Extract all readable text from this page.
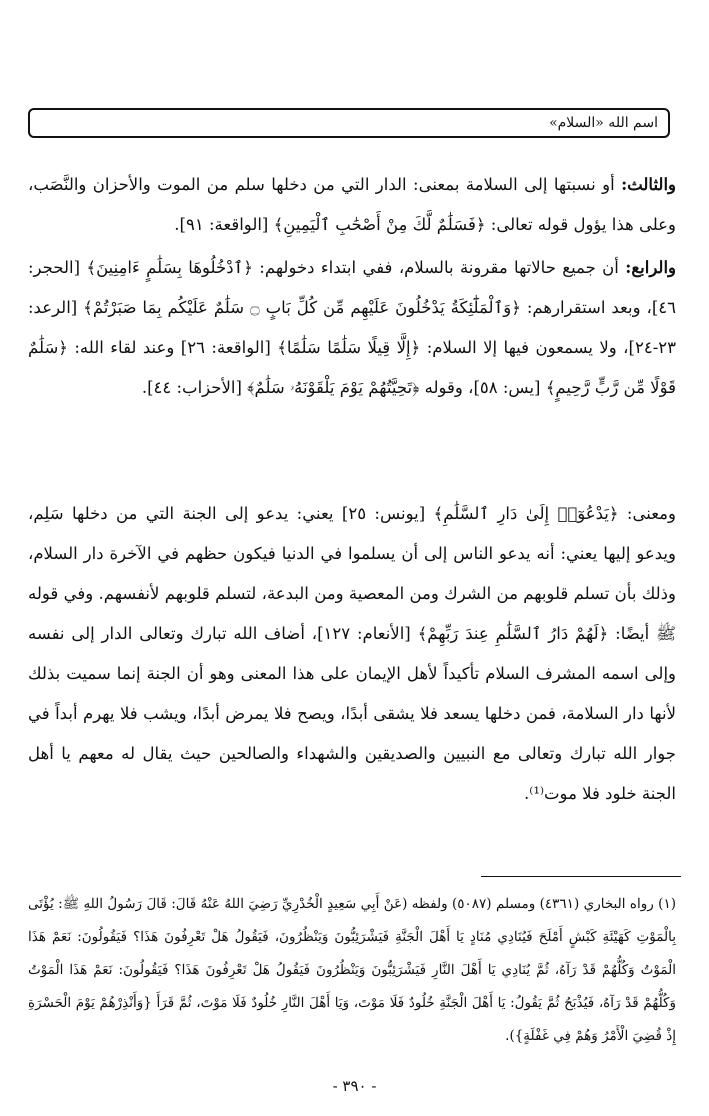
اسم الله «السلام»
والثالث: أو نسبتها إلى السلامة بمعنى: الدار التي من دخلها سلم من الموت والأحزان والنَّصَب، وعلى هذا يؤول قوله تعالى: ﴿فَسَلَٰمٌ لَّكَ مِنْ أَصْحَٰبِ ٱلْيَمِينِ﴾ [الواقعة: ٩١].
والرابع: أن جميع حالاتها مقرونة بالسلام، ففي ابتداء دخولهم: ﴿ٱدْخُلُوهَا بِسَلَٰمٍ ءَامِنِينَ﴾ [الحجر: ٤٦]، وبعد استقرارهم: ﴿وَٱلْمَلَٰٓئِكَةُ يَدْخُلُونَ عَلَيْهِم مِّن كُلِّ بَابٍ ۝ سَلَٰمٌ عَلَيْكُم بِمَا صَبَرْتُمْ﴾ [الرعد: ٢٣-٢٤]، ولا يسمعون فيها إلا السلام: ﴿إِلَّا قِيلًا سَلَٰمًا سَلَٰمًا﴾ [الواقعة: ٢٦] وعند لقاء الله: ﴿سَلَٰمٌ قَوْلًا مِّن رَّبٍّ رَّحِيمٍ﴾ [يس: ٥٨]، وقوله ﴿تَحِيَّتُهُمْ يَوْمَ يَلْقَوْنَهُۥ سَلَٰمٌ﴾ [الأحزاب: ٤٤].
ومعنى: ﴿يَدْعُوٓا۟ إِلَىٰ دَارِ ٱلسَّلَٰمِ﴾ [يونس: ٢٥] يعني: يدعو إلى الجنة التي من دخلها سَلِم، ويدعو إليها يعني: أنه يدعو الناس إلى أن يسلموا في الدنيا فيكون حظهم في الآخرة دار السلام، وذلك بأن تسلم قلوبهم من الشرك ومن المعصية ومن البدعة، لتسلم قلوبهم لأنفسهم. وفي قوله ﷺ أيضًا: ﴿لَهُمْ دَارُ ٱلسَّلَٰمِ عِندَ رَبِّهِمْ﴾ [الأنعام: ١٢٧]، أضاف الله تبارك وتعالى الدار إلى نفسه وإلى اسمه المشرف السلام تأكيداً لأهل الإيمان على هذا المعنى وهو أن الجنة إنما سميت بذلك لأنها دار السلامة، فمن دخلها يسعد فلا يشقى أبدًا، ويصح فلا يمرض أبدًا، ويشب فلا يهرم أبداً في جوار الله تبارك وتعالى مع النبيين والصديقين والشهداء والصالحين حيث يقال له معهم يا أهل الجنة خلود فلا موت⁽¹⁾.
(١) رواه البخاري (٤٣٦١) ومسلم (٥٠٨٧) ولفظه (عَنْ أَبِي سَعِيدٍ الْخُدْرِيِّ رَضِيَ اللهُ عَنْهُ قَالَ: قَالَ رَسُولُ اللهِ ﷺ: يُؤْتَى بِالْمَوْتِ كَهَيْئَةِ كَبْشٍ أَمْلَحَ فَيُنَادِي مُنَادٍ يَا أَهْلَ الْجَنَّةِ فَيَشْرَئِبُّونَ وَيَنْظُرُونَ، فَيَقُولُ هَلْ تَعْرِفُونَ هَذَا؟ فَيَقُولُونَ: نَعَمْ هَذَا الْمَوْتُ وَكُلُّهُمْ قَدْ رَآهُ، ثُمَّ يُنَادِي يَا أَهْلَ النَّارِ فَيَشْرَئِبُّونَ وَيَنْظُرُونَ فَيَقُولُ هَلْ تَعْرِفُونَ هَذَا؟ فَيَقُولُونَ: نَعَمْ هَذَا الْمَوْتُ وَكُلُّهُمْ قَدْ رَآهُ، فَيُذْبَحُ ثُمَّ يَقُولُ: يَا أَهْلَ الْجَنَّةِ خُلُودٌ فَلَا مَوْتَ، وَيَا أَهْلَ النَّارِ خُلُودٌ فَلَا مَوْتَ، ثُمَّ قَرَأَ {وَأَنْذِرْهُمْ يَوْمَ الْحَسْرَةِ إِذْ قُضِيَ الْأَمْرُ وَهُمْ فِي غَفْلَةٍ}).
- ٣٩٠ -
